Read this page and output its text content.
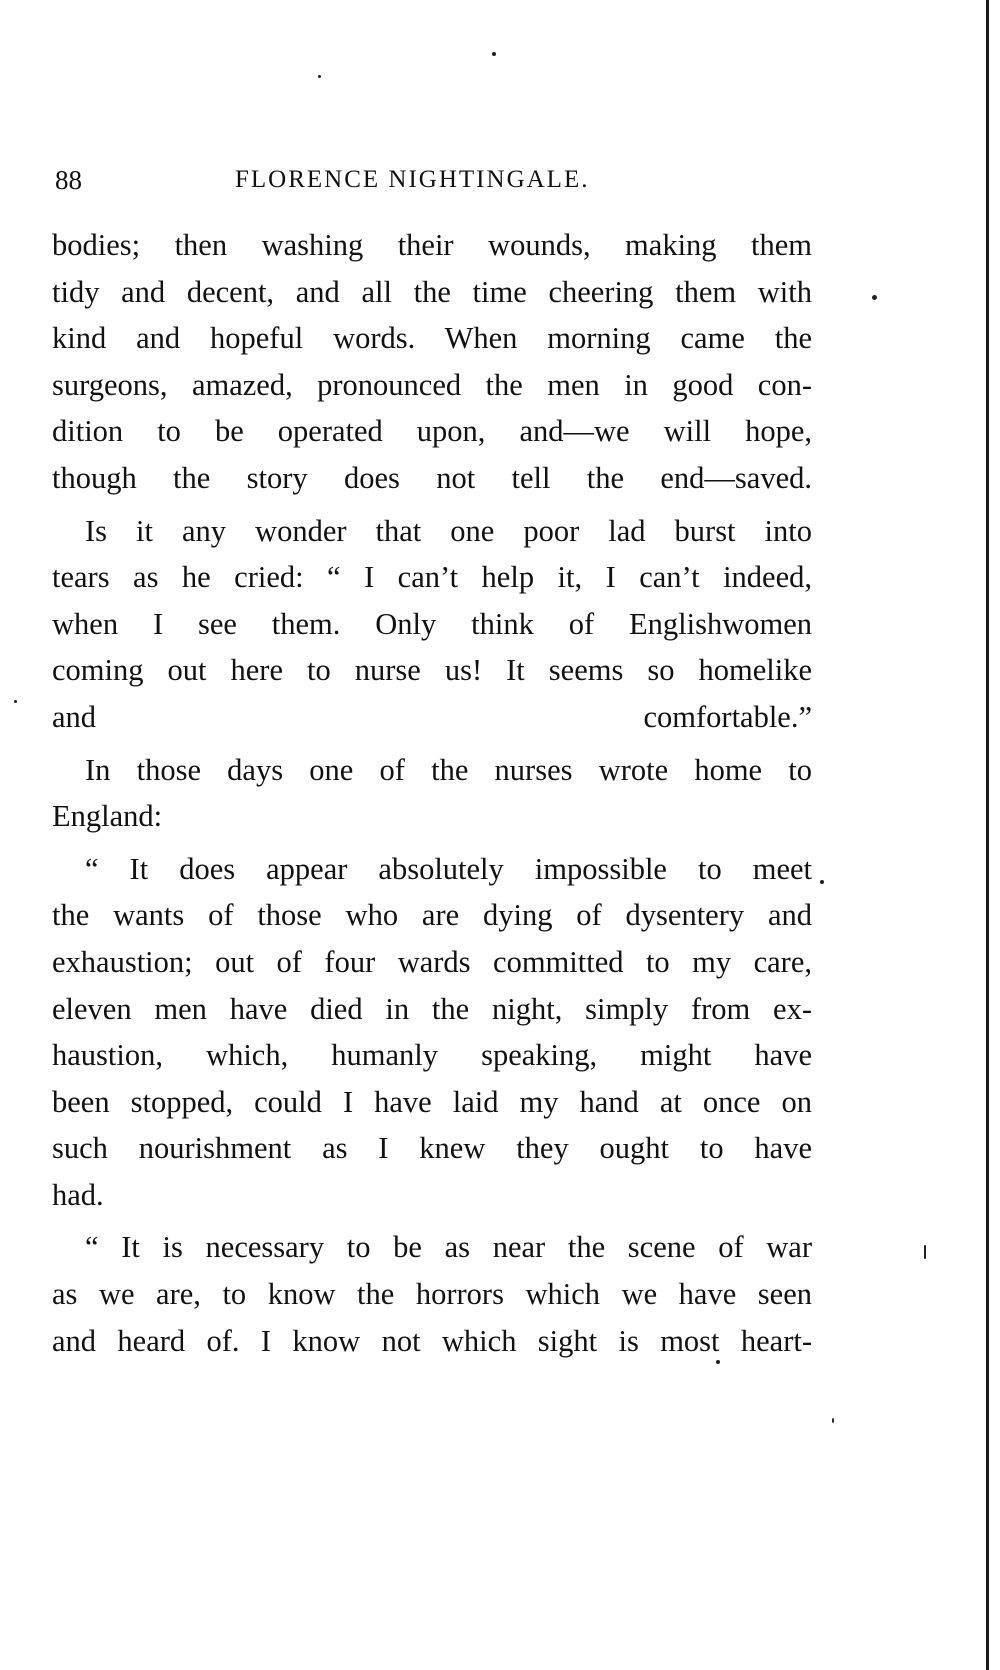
88	FLORENCE NIGHTINGALE.
bodies; then washing their wounds, making them
tidy and decent, and all the time cheering them with
kind and hopeful words. When morning came the
surgeons, amazed, pronounced the men in good con-
dition to be operated upon, and—we will hope,
though the story does not tell the end—saved.
Is it any wonder that one poor lad burst into
tears as he cried: “ I can’t help it, I can’t indeed,
when I see them. Only think of Englishwomen
coming out here to nurse us! It seems so homelike
and comfortable.”
In those days one of the nurses wrote home to
England:
“ It does appear absolutely impossible to meet
the wants of those who are dying of dysentery and
exhaustion; out of four wards committed to my care,
eleven men have died in the night, simply from ex-
haustion, which, humanly speaking, might have
been stopped, could I have laid my hand at once on
such nourishment as I knew they ought to have
had.
“ It is necessary to be as near the scene of war
as we are, to know the horrors which we have seen
and heard of. I know not which sight is most heart-
